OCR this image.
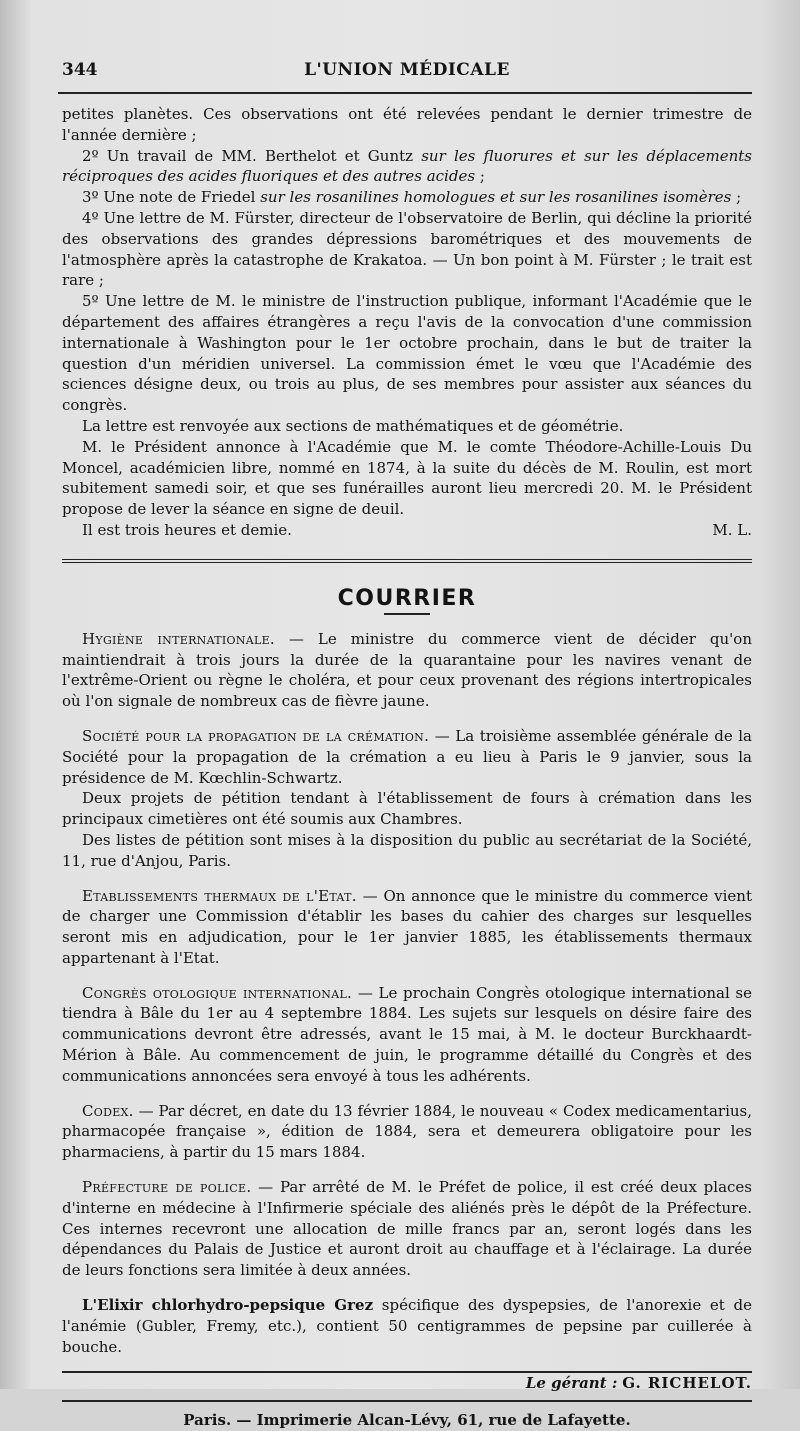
344	L'UNION MÉDICALE

petites planètes. Ces observations ont été relevées pendant le dernier trimestre de l'année dernière ;

2º Un travail de MM. Berthelot et Guntz sur les fluorures et sur les déplacements réciproques des acides fluoriques et des autres acides ;

3º Une note de Friedel sur les rosanilines homologues et sur les rosanilines isomères ;

4º Une lettre de M. Fürster, directeur de l'observatoire de Berlin, qui décline la priorité des observations des grandes dépressions barométriques et des mouvements de l'atmosphère après la catastrophe de Krakatoa. — Un bon point à M. Fürster ; le trait est rare ;

5º Une lettre de M. le ministre de l'instruction publique, informant l'Académie que le département des affaires étrangères a reçu l'avis de la convocation d'une commission internationale à Washington pour le 1er octobre prochain, dans le but de traiter la question d'un méridien universel. La commission émet le vœu que l'Académie des sciences désigne deux, ou trois au plus, de ses membres pour assister aux séances du congrès.

La lettre est renvoyée aux sections de mathématiques et de géométrie.

M. le Président annonce à l'Académie que M. le comte Théodore-Achille-Louis Du Moncel, académicien libre, nommé en 1874, à la suite du décès de M. Roulin, est mort subitement samedi soir, et que ses funérailles auront lieu mercredi 20. M. le Président propose de lever la séance en signe de deuil.

Il est trois heures et demie.	M. L.

COURRIER

Hygiène internationale. — Le ministre du commerce vient de décider qu'on maintiendrait à trois jours la durée de la quarantaine pour les navires venant de l'extrême-Orient ou règne le choléra, et pour ceux provenant des régions intertropicales où l'on signale de nombreux cas de fièvre jaune.

Société pour la propagation de la crémation. — La troisième assemblée générale de la Société pour la propagation de la crémation a eu lieu à Paris le 9 janvier, sous la présidence de M. Kœchlin-Schwartz.

Deux projets de pétition tendant à l'établissement de fours à crémation dans les principaux cimetières ont été soumis aux Chambres.

Des listes de pétition sont mises à la disposition du public au secrétariat de la Société, 11, rue d'Anjou, Paris.

Etablissements thermaux de l'Etat. — On annonce que le ministre du commerce vient de charger une Commission d'établir les bases du cahier des charges sur lesquelles seront mis en adjudication, pour le 1er janvier 1885, les établissements thermaux appartenant à l'Etat.

Congrès otologique international. — Le prochain Congrès otologique international se tiendra à Bâle du 1er au 4 septembre 1884. Les sujets sur lesquels on désire faire des communications devront être adressés, avant le 15 mai, à M. le docteur Burckhaardt-Mérion à Bâle. Au commencement de juin, le programme détaillé du Congrès et des communications annoncées sera envoyé à tous les adhérents.

Codex. — Par décret, en date du 13 février 1884, le nouveau « Codex medicamentarius, pharmacopée française », édition de 1884, sera et demeurera obligatoire pour les pharmaciens, à partir du 15 mars 1884.

Préfecture de police. — Par arrêté de M. le Préfet de police, il est créé deux places d'interne en médecine à l'Infirmerie spéciale des aliénés près le dépôt de la Préfecture. Ces internes recevront une allocation de mille francs par an, seront logés dans les dépendances du Palais de Justice et auront droit au chauffage et à l'éclairage. La durée de leurs fonctions sera limitée à deux années.

L'Elixir chlorhydro-pepsique Grez spécifique des dyspepsies, de l'anorexie et de l'anémie (Gubler, Fremy, etc.), contient 50 centigrammes de pepsine par cuillerée à bouche.

Le gérant :
G. RICHELOT.

Paris. — Imprimerie Alcan-Lévy, 61, rue de Lafayette.
